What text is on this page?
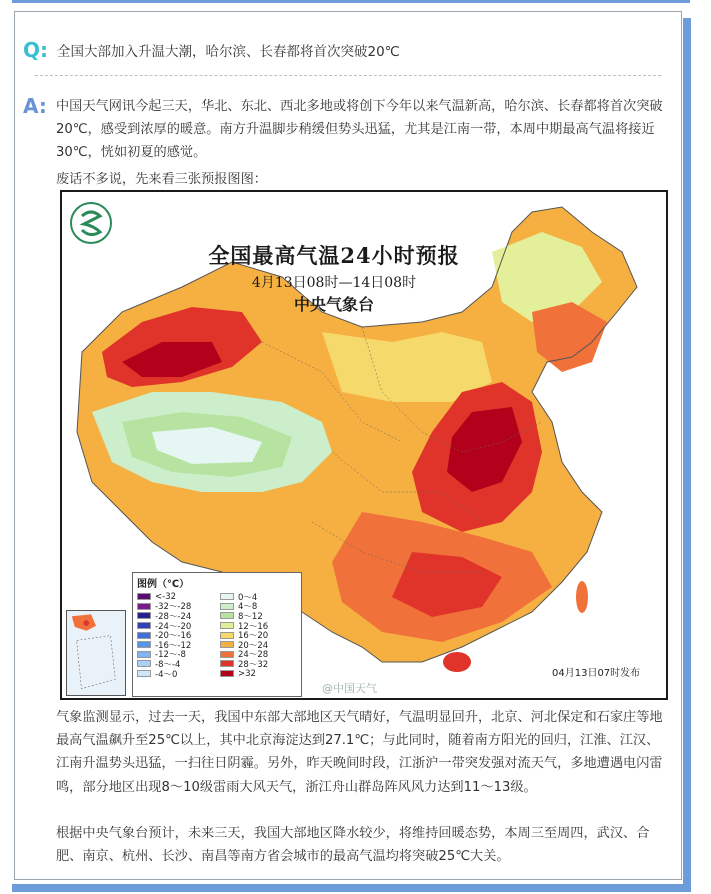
Q: 全国大部加入升温大潮，哈尔滨、长春都将首次突破20℃
A: 中国天气网讯今起三天，华北、东北、西北多地或将创下今年以来气温新高，哈尔滨、长春都将首次突破20℃，感受到浓厚的暖意。南方升温脚步稍缓但势头迅猛，尤其是江南一带，本周中期最高气温将接近30℃，恍如初夏的感觉。

废话不多说，先来看三张预报图图：

全国最高气温24小时预报
4月13日08时—14日08时
中央气象台
图例（℃）
<-32
-32～-28
-28～-24
-24～-20
-20～-16
-16～-12
-12～-8
-8～-4
-4～0
0～4
4～8
8～12
12～16
16～20
20～24
24～28
28～32
>32
@中国天气
04月13日07时发布

气象监测显示，过去一天，我国中东部大部地区天气晴好，气温明显回升，北京、河北保定和石家庄等地最高气温飙升至25℃以上，其中北京海淀达到27.1℃；与此同时，随着南方阳光的回归，江淮、江汉、江南升温势头迅猛，一扫往日阴霾。另外，昨天晚间时段，江浙沪一带突发强对流天气，多地遭遇电闪雷鸣，部分地区出现8～10级雷雨大风天气，浙江舟山群岛阵风风力达到11～13级。

根据中央气象台预计，未来三天，我国大部地区降水较少，将维持回暖态势，本周三至周四，武汉、合肥、南京、杭州、长沙、南昌等南方省会城市的最高气温均将突破25℃大关。
